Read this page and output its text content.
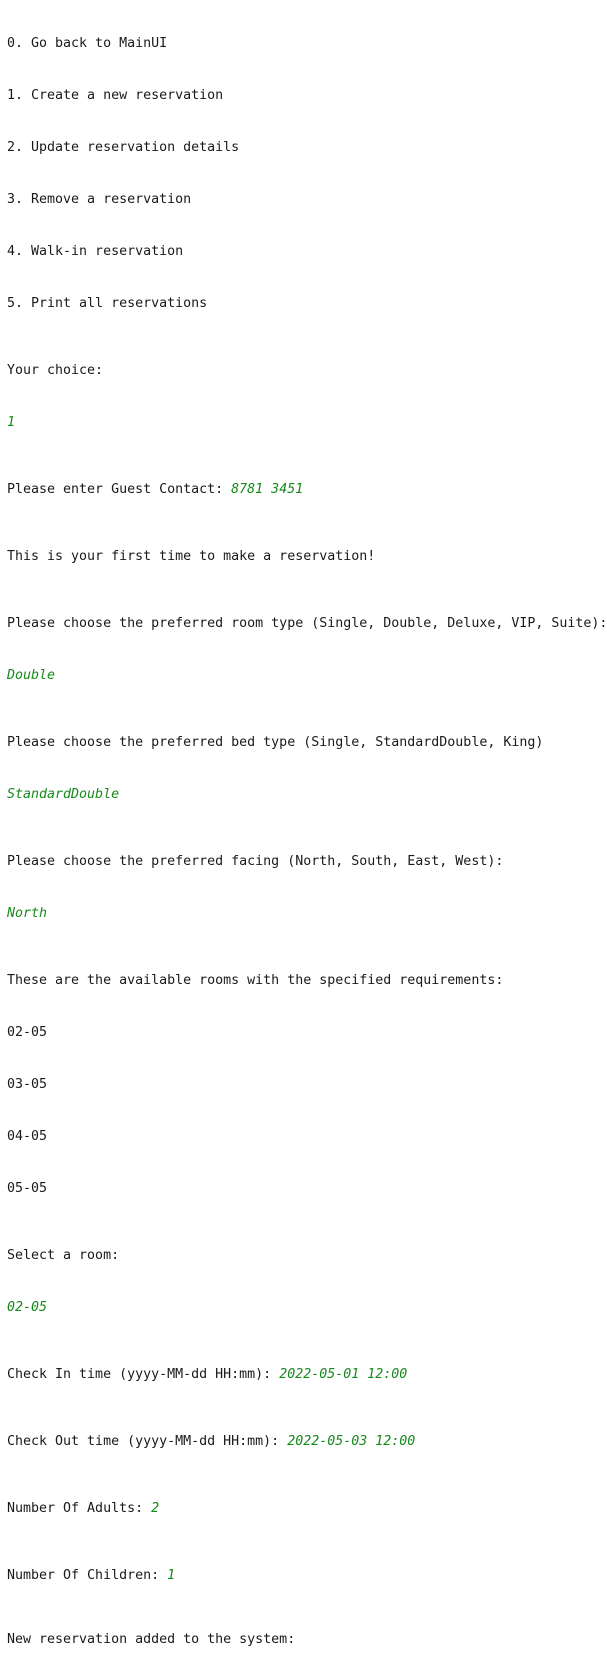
0. Go back to MainUI

1. Create a new reservation

2. Update reservation details

3. Remove a reservation

4. Walk-in reservation

5. Print all reservations

Your choice:

1

Please enter Guest Contact: 8781 3451

This is your first time to make a reservation!

Please choose the preferred room type (Single, Double, Deluxe, VIP, Suite):

Double

Please choose the preferred bed type (Single, StandardDouble, King)

StandardDouble

Please choose the preferred facing (North, South, East, West):

North

These are the available rooms with the specified requirements:

02-05

03-05

04-05

05-05

Select a room:

02-05

Check In time (yyyy-MM-dd HH:mm): 2022-05-01 12:00

Check Out time (yyyy-MM-dd HH:mm): 2022-05-03 12:00

Number Of Adults: 2

Number Of Children: 1

New reservation added to the system:
